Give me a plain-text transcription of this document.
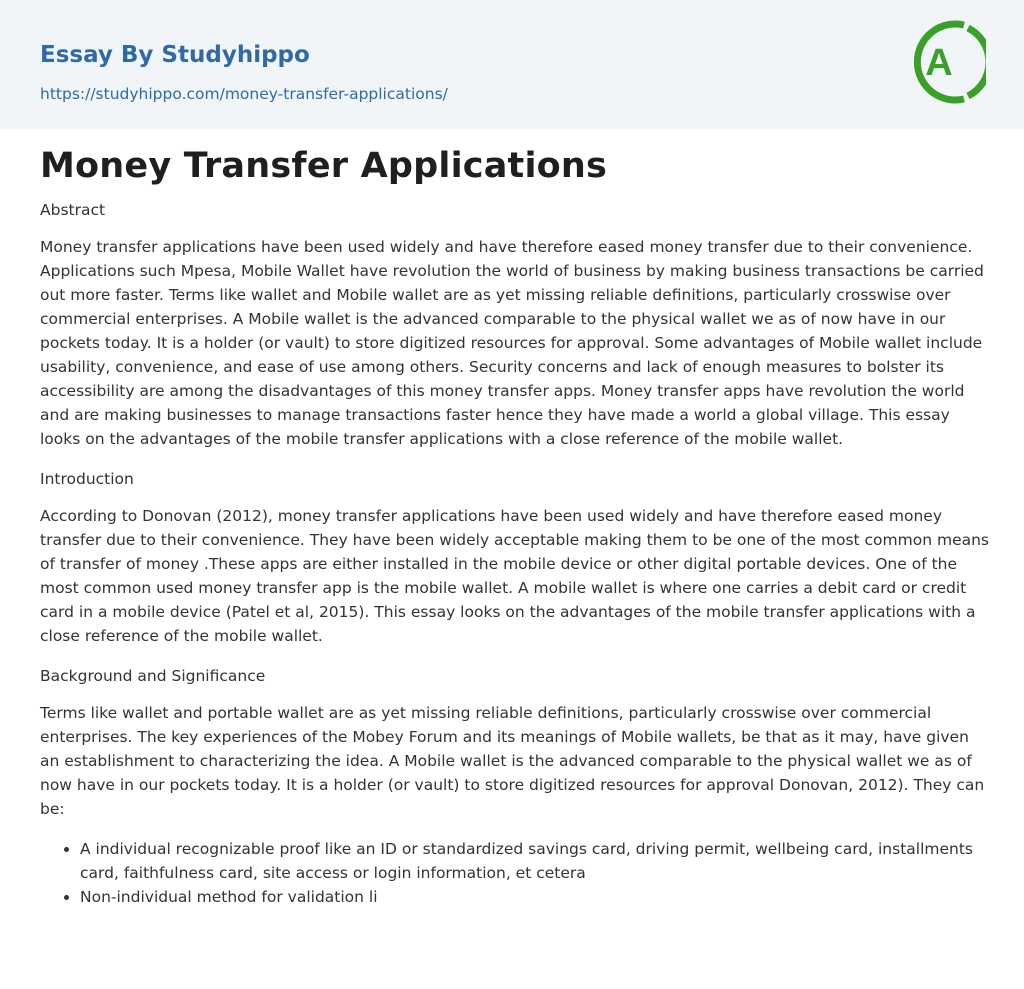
Essay By Studyhippo
https://studyhippo.com/money-transfer-applications/
A
Money Transfer Applications

Abstract

Money transfer applications have been used widely and have therefore eased money transfer due to their convenience. Applications such Mpesa, Mobile Wallet have revolution the world of business by making business transactions be carried out more faster. Terms like wallet and Mobile wallet are as yet missing reliable definitions, particularly crosswise over commercial enterprises. A Mobile wallet is the advanced comparable to the physical wallet we as of now have in our pockets today. It is a holder (or vault) to store digitized resources for approval. Some advantages of Mobile wallet include usability, convenience, and ease of use among others. Security concerns and lack of enough measures to bolster its accessibility are among the disadvantages of this money transfer apps. Money transfer apps have revolution the world and are making businesses to manage transactions faster hence they have made a world a global village. This essay looks on the advantages of the mobile transfer applications with a close reference of the mobile wallet.

Introduction

According to Donovan (2012), money transfer applications have been used widely and have therefore eased money transfer due to their convenience. They have been widely acceptable making them to be one of the most common means of transfer of money .These apps are either installed in the mobile device or other digital portable devices. One of the most common used money transfer app is the mobile wallet. A mobile wallet is where one carries a debit card or credit card in a mobile device (Patel et al, 2015). This essay looks on the advantages of the mobile transfer applications with a close reference of the mobile wallet.

Background and Significance

Terms like wallet and portable wallet are as yet missing reliable definitions, particularly crosswise over commercial enterprises. The key experiences of the Mobey Forum and its meanings of Mobile wallets, be that as it may, have given an establishment to characterizing the idea. A Mobile wallet is the advanced comparable to the physical wallet we as of now have in our pockets today. It is a holder (or vault) to store digitized resources for approval Donovan, 2012). They can be:

• A individual recognizable proof like an ID or standardized savings card, driving permit, wellbeing card, installments card, faithfulness card, site access or login information, et cetera
• Non-individual method for validation li
